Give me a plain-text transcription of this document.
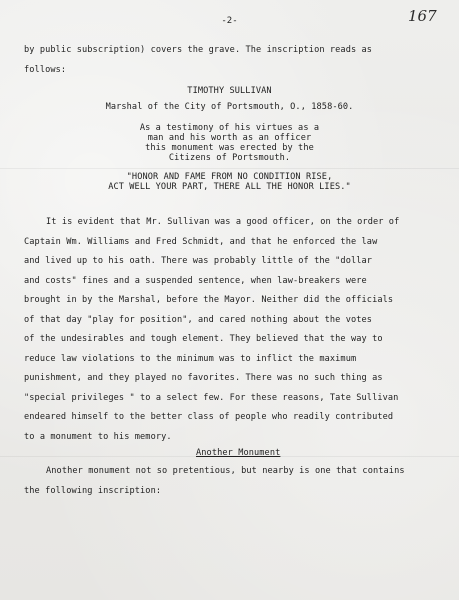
-2-	167
by public subscription) covers the grave. The inscription reads as
follows:
TIMOTHY SULLIVAN
Marshal of the City of Portsmouth, O., 1858-60.
As a testimony of his virtues as a
man and his worth as an officer
this monument was erected by the
Citizens of Portsmouth.
"HONOR AND FAME FROM NO CONDITION RISE,
ACT WELL YOUR PART, THERE ALL THE HONOR LIES."
It is evident that Mr. Sullivan was a good officer, on the order of
Captain Wm. Williams and Fred Schmidt, and that he enforced the law
and lived up to his oath. There was probably little of the "dollar
and costs" fines and a suspended sentence, when law-breakers were
brought in by the Marshal, before the Mayor. Neither did the officials
of that day "play for position", and cared nothing about the votes
of the undesirables and tough element. They believed that the way to
reduce law violations to the minimum was to inflict the maximum
punishment, and they played no favorites. There was no such thing as
"special privileges " to a select few. For these reasons, Tate Sullivan
endeared himself to the better class of people who readily contributed
to a monument to his memory.
Another Monument
Another monument not so pretentious, but nearby is one that contains
the following inscription:
